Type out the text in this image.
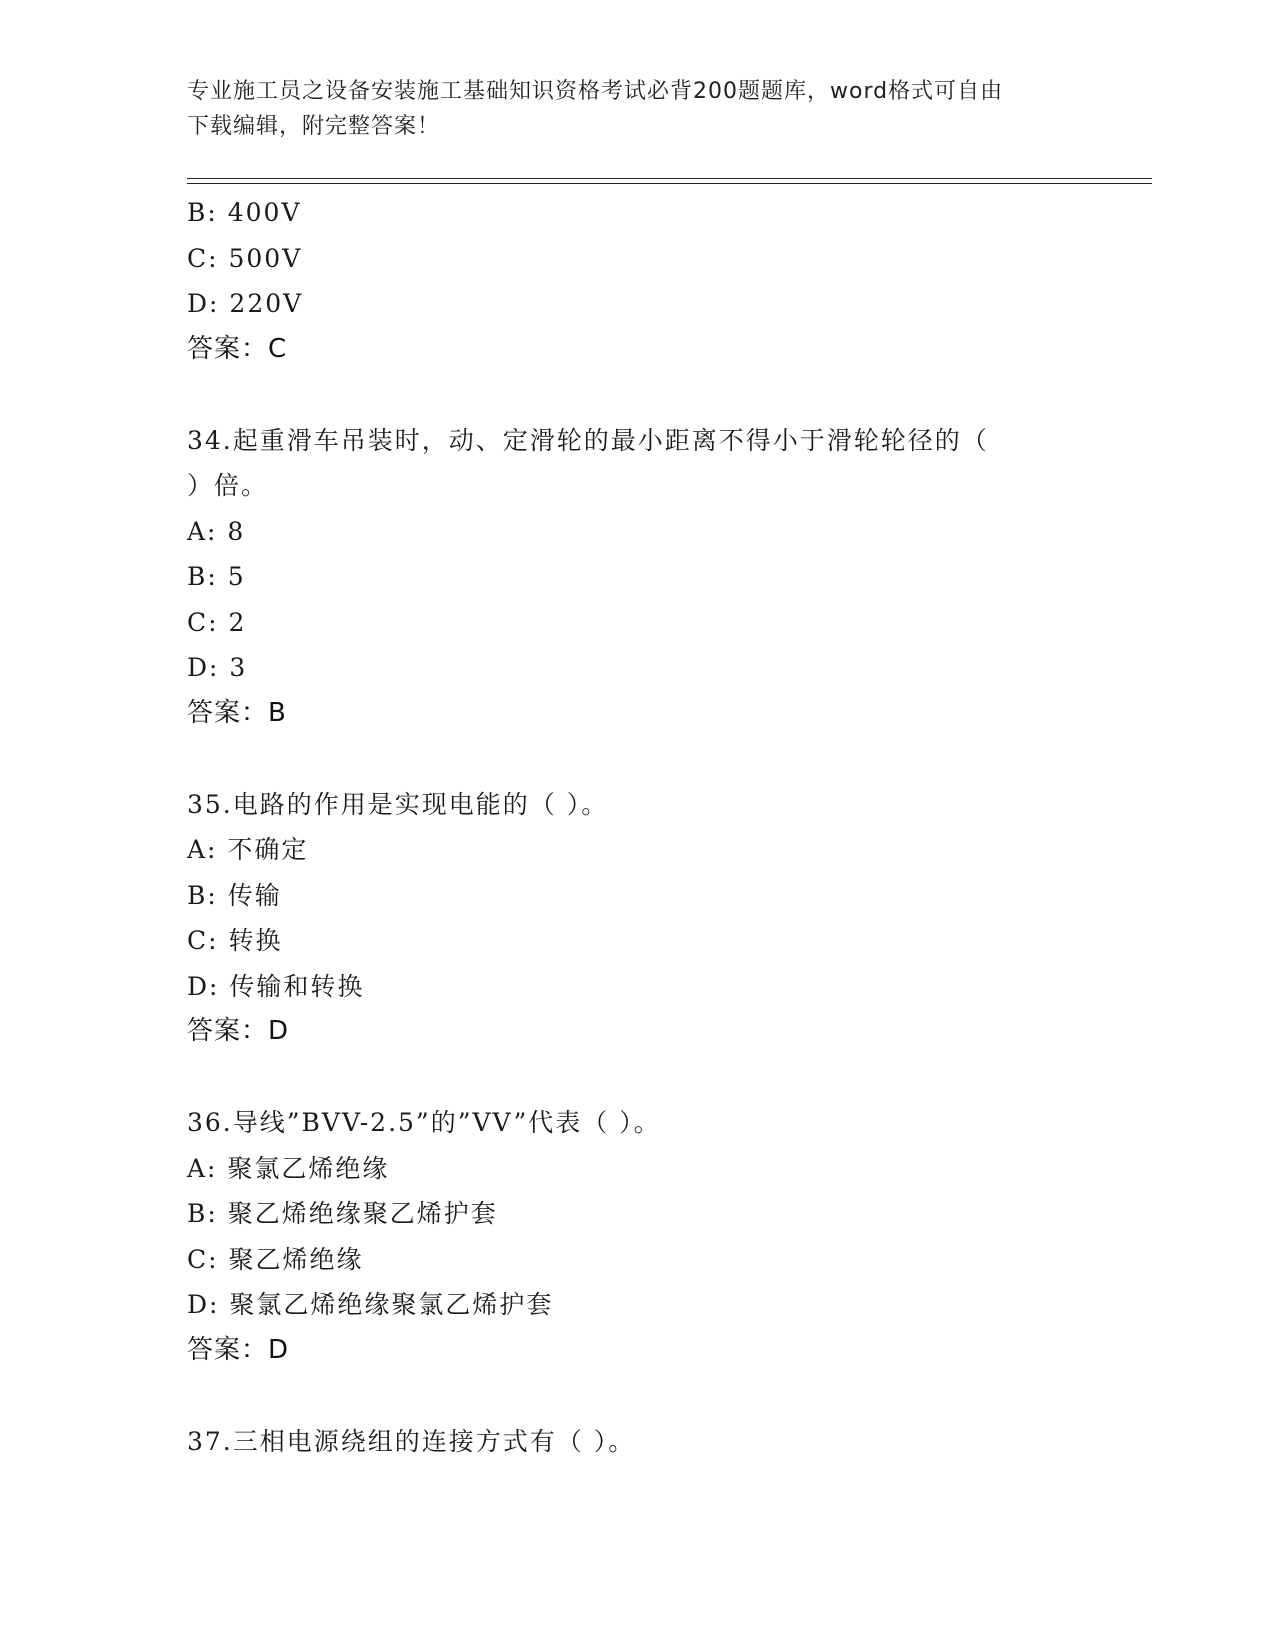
专业施工员之设备安装施工基础知识资格考试必背200题题库，word格式可自由
下载编辑，附完整答案！
B: 400V
C: 500V
D: 220V
答案：C
34.起重滑车吊装时，动、定滑轮的最小距离不得小于滑轮轮径的（
）倍。
A: 8
B: 5
C: 2
D: 3
答案：B
35.电路的作用是实现电能的（ ）。
A: 不确定
B: 传输
C: 转换
D: 传输和转换
答案：D
36.导线”BVV-2.5”的”VV”代表（ ）。
A: 聚氯乙烯绝缘
B: 聚乙烯绝缘聚乙烯护套
C: 聚乙烯绝缘
D: 聚氯乙烯绝缘聚氯乙烯护套
答案：D
37.三相电源绕组的连接方式有（ ）。
